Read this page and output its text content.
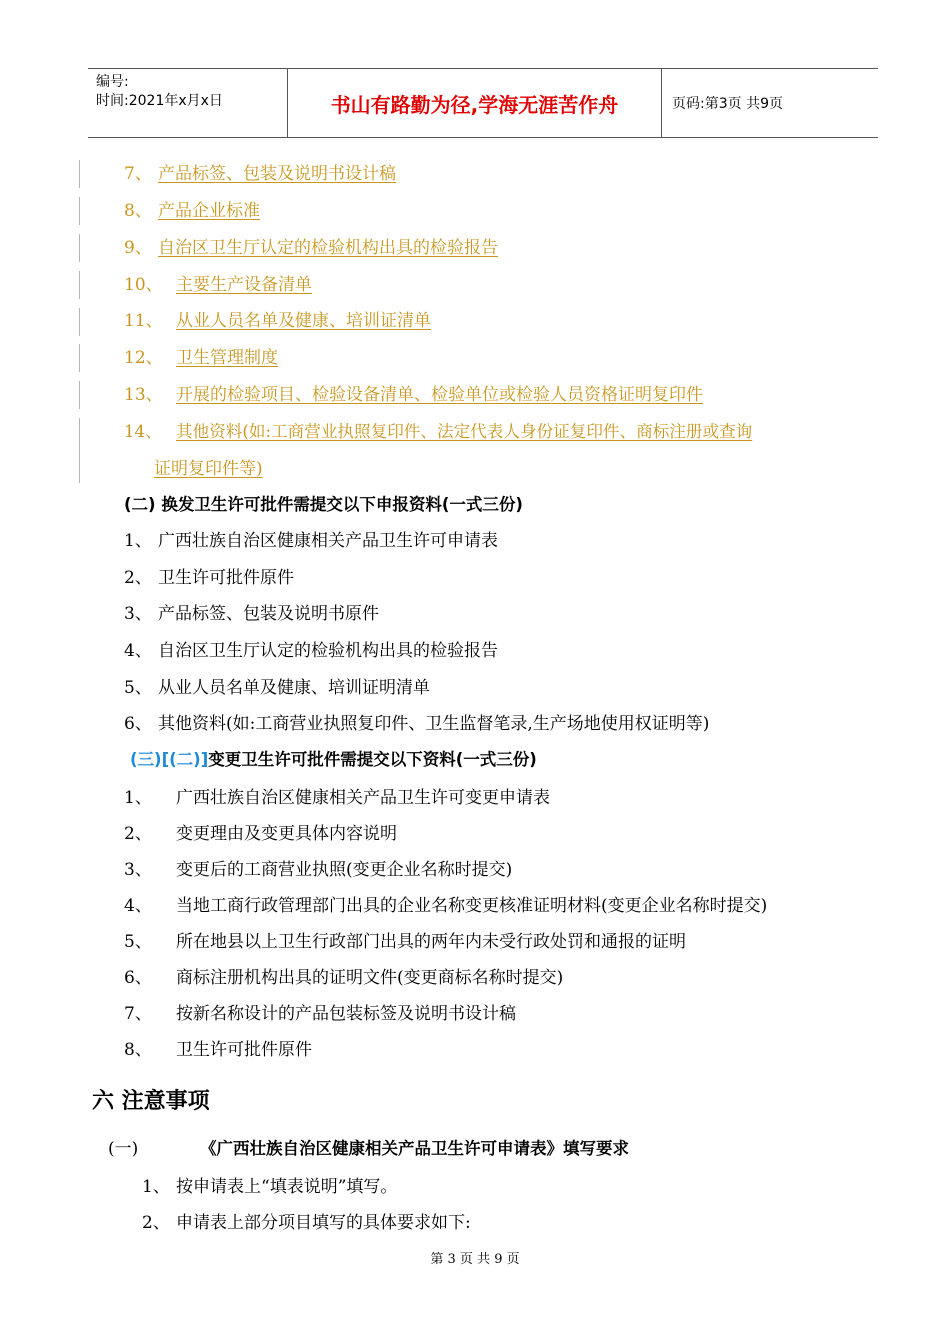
编号:
时间:2021年x月x日	书山有路勤为径,学海无涯苦作舟	页码:第3页 共9页
7、 产品标签、包装及说明书设计稿
8、 产品企业标准
9、 自治区卫生厅认定的检验机构出具的检验报告
10、 主要生产设备清单
11、 从业人员名单及健康、培训证清单
12、 卫生管理制度
13、 开展的检验项目、检验设备清单、检验单位或检验人员资格证明复印件
14、 其他资料(如:工商营业执照复印件、法定代表人身份证复印件、商标注册或查询
证明复印件等)
(二) 换发卫生许可批件需提交以下申报资料(一式三份)
1、 广西壮族自治区健康相关产品卫生许可申请表
2、 卫生许可批件原件
3、 产品标签、包装及说明书原件
4、 自治区卫生厅认定的检验机构出具的检验报告
5、 从业人员名单及健康、培训证明清单
6、 其他资料(如:工商营业执照复印件、卫生监督笔录,生产场地使用权证明等)
(三)[(二)]变更卫生许可批件需提交以下资料(一式三份)
1、 广西壮族自治区健康相关产品卫生许可变更申请表
2、 变更理由及变更具体内容说明
3、 变更后的工商营业执照(变更企业名称时提交)
4、 当地工商行政管理部门出具的企业名称变更核准证明材料(变更企业名称时提交)
5、 所在地县以上卫生行政部门出具的两年内未受行政处罚和通报的证明
6、 商标注册机构出具的证明文件(变更商标名称时提交)
7、 按新名称设计的产品包装标签及说明书设计稿
8、 卫生许可批件原件
六 注意事项
(一)	《广西壮族自治区健康相关产品卫生许可申请表》填写要求
1、 按申请表上“填表说明”填写。
2、 申请表上部分项目填写的具体要求如下:
第 3 页 共 9 页
